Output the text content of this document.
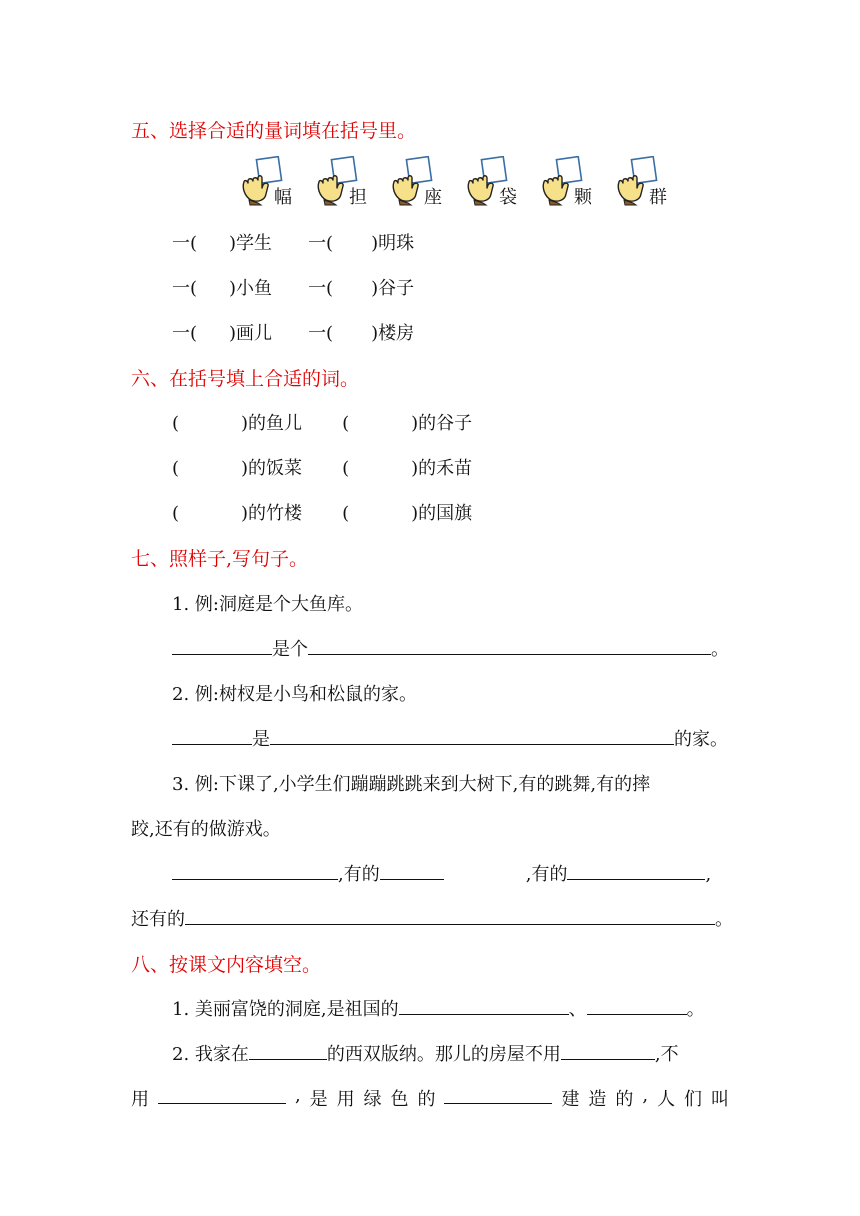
五、选择合适的量词填在括号里。
幅	担	座	袋	颗	群
一( )学生 一( )明珠
一( )小鱼 一( )谷子
一( )画儿 一( )楼房
六、在括号填上合适的词。
(	)的鱼儿 (	)的谷子
(	)的饭菜 (	)的禾苗
(	)的竹楼 (	)的国旗
七、照样子,写句子。
1. 例:洞庭是个大鱼库。
是个	。
2. 例:树杈是小鸟和松鼠的家。
是	的家。
3. 例:下课了,小学生们蹦蹦跳跳来到大树下,有的跳舞,有的摔
跤,还有的做游戏。
,有的	,有的	,
还有的	。
八、按课文内容填空。
1. 美丽富饶的洞庭,是祖国的	、	。
2. 我家在	的西双版纳。那儿的房屋不用	,不
用	, 是 用 绿 色 的	建 造 的 , 人 们 叫
